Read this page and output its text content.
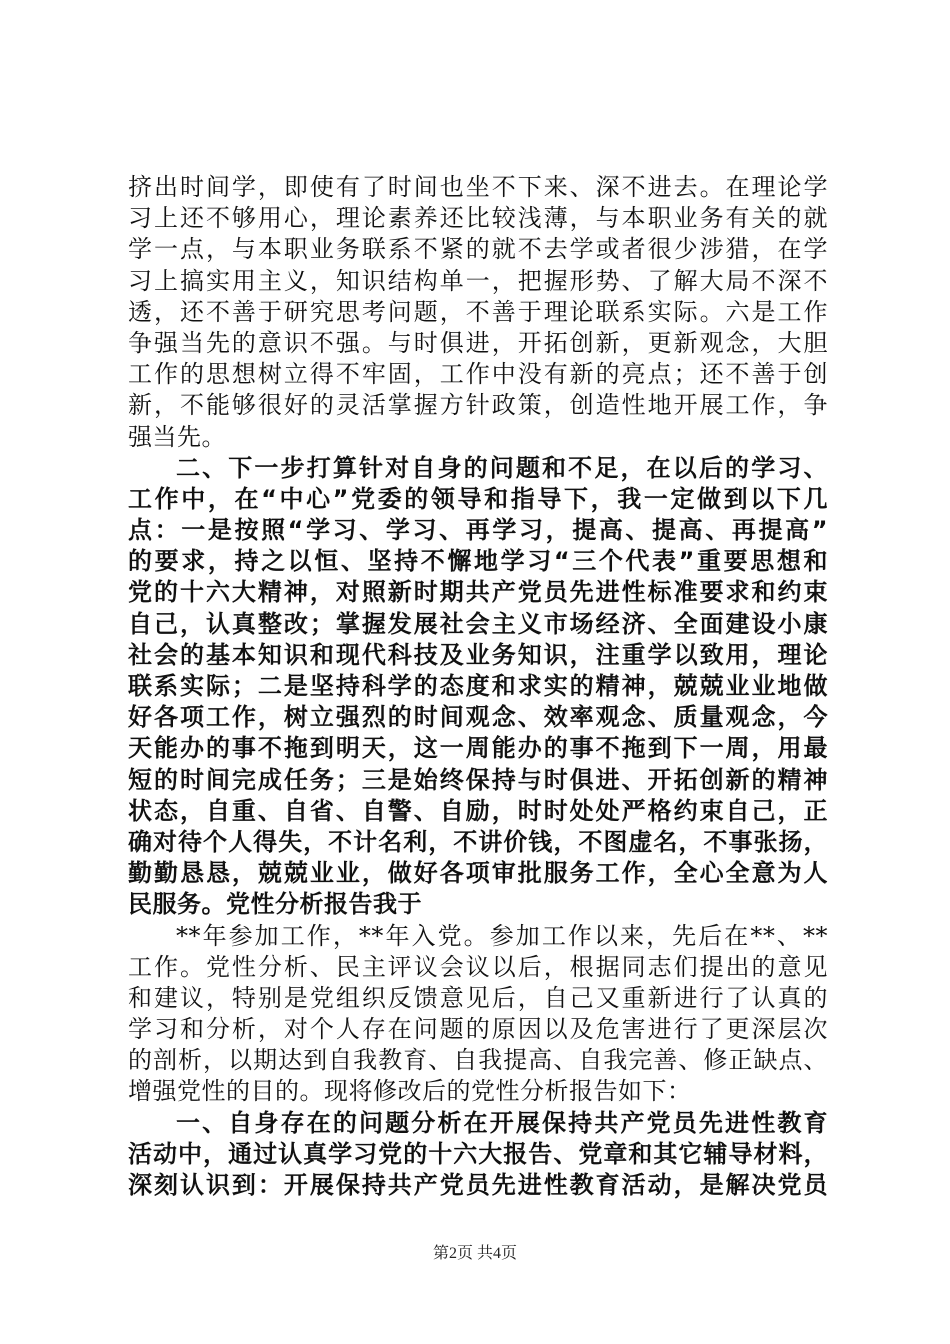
挤出时间学，即使有了时间也坐不下来、深不进去。在理论学
习上还不够用心，理论素养还比较浅薄，与本职业务有关的就
学一点，与本职业务联系不紧的就不去学或者很少涉猎，在学
习上搞实用主义，知识结构单一，把握形势、了解大局不深不
透，还不善于研究思考问题，不善于理论联系实际。六是工作
争强当先的意识不强。与时俱进，开拓创新，更新观念，大胆
工作的思想树立得不牢固，工作中没有新的亮点；还不善于创
新，不能够很好的灵活掌握方针政策，创造性地开展工作，争
强当先。
二、下一步打算针对自身的问题和不足，在以后的学习、
工作中，在“中心”党委的领导和指导下，我一定做到以下几
点：一是按照“学习、学习、再学习，提高、提高、再提高”
的要求，持之以恒、坚持不懈地学习“三个代表”重要思想和
党的十六大精神，对照新时期共产党员先进性标准要求和约束
自己，认真整改；掌握发展社会主义市场经济、全面建设小康
社会的基本知识和现代科技及业务知识，注重学以致用，理论
联系实际；二是坚持科学的态度和求实的精神，兢兢业业地做
好各项工作，树立强烈的时间观念、效率观念、质量观念，今
天能办的事不拖到明天，这一周能办的事不拖到下一周，用最
短的时间完成任务；三是始终保持与时俱进、开拓创新的精神
状态，自重、自省、自警、自励，时时处处严格约束自己，正
确对待个人得失，不计名利，不讲价钱，不图虚名，不事张扬，
勤勤恳恳，兢兢业业，做好各项审批服务工作，全心全意为人
民服务。党性分析报告我于
**年参加工作，**年入党。参加工作以来，先后在**、**
工作。党性分析、民主评议会议以后，根据同志们提出的意见
和建议，特别是党组织反馈意见后，自己又重新进行了认真的
学习和分析，对个人存在问题的原因以及危害进行了更深层次
的剖析，以期达到自我教育、自我提高、自我完善、修正缺点、
增强党性的目的。现将修改后的党性分析报告如下：
一、自身存在的问题分析在开展保持共产党员先进性教育
活动中，通过认真学习党的十六大报告、党章和其它辅导材料，
深刻认识到：开展保持共产党员先进性教育活动，是解决党员
第2页 共4页
